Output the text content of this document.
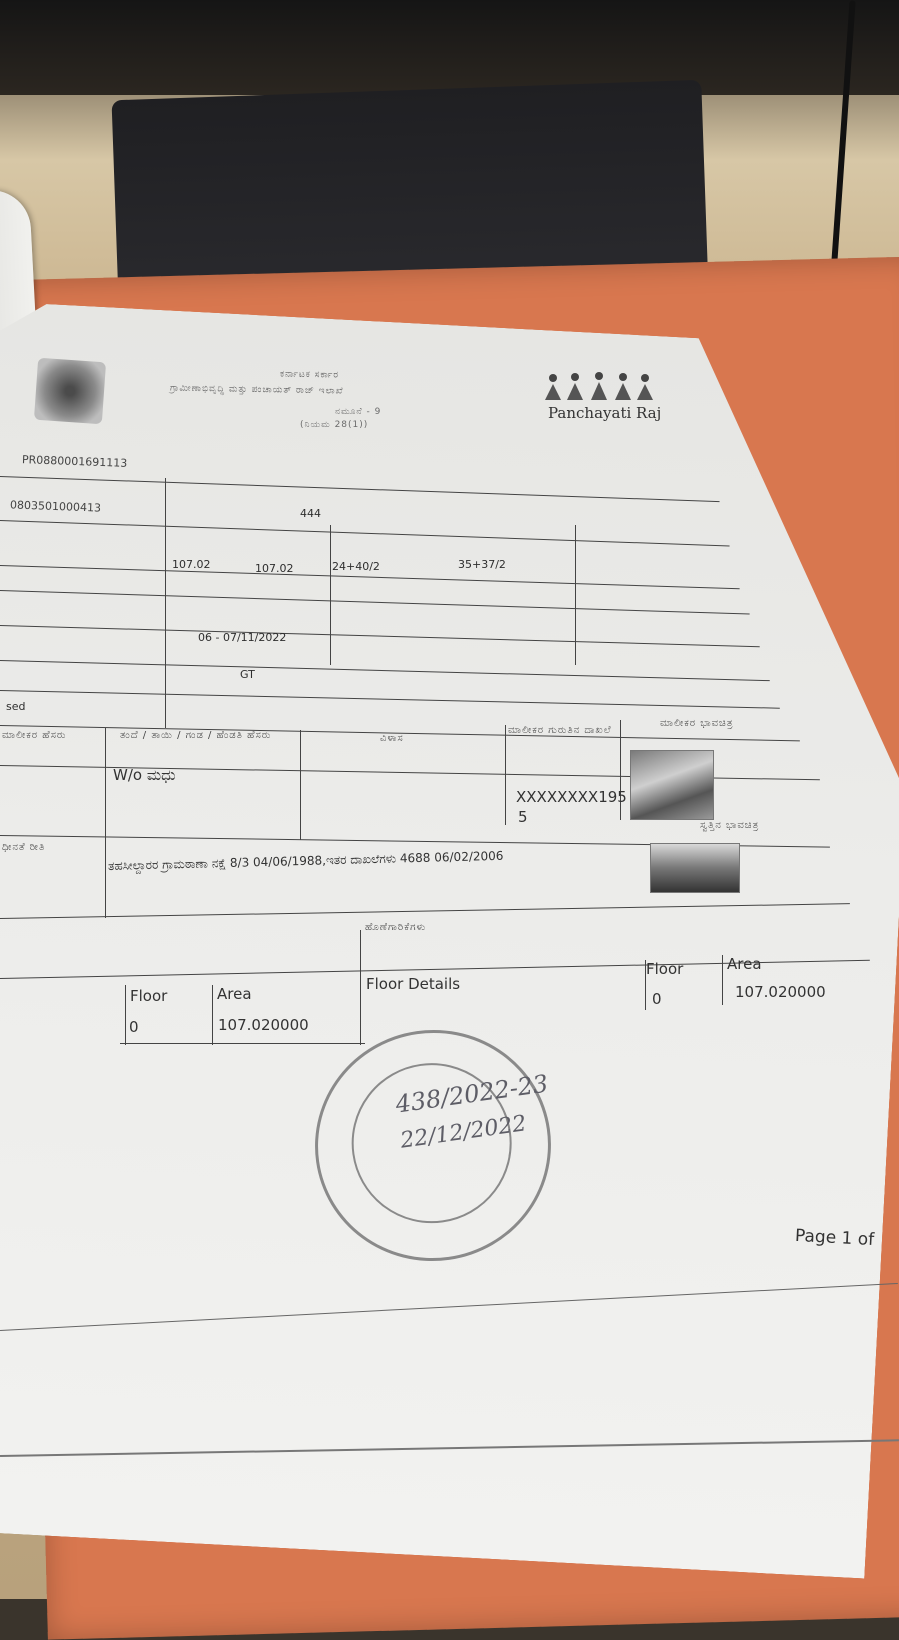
Panchayati Raj
ಕರ್ನಾಟಕ ಸರ್ಕಾರ
ಗ್ರಾಮೀಣಾಭಿವೃದ್ಧಿ ಮತ್ತು ಪಂಚಾಯತ್ ರಾಜ್ ಇಲಾಖೆ
ನಮೂನೆ - 9
(ನಿಯಮ 28(1))
PR0880001691113
0803501000413	444
107.02	107.02	24+40/2	35+37/2
06 - 07/11/2022
GT
sed
ಮಾಲೀಕರ ಹೆಸರು	ತಂದೆ / ತಾಯಿ / ಗಂಡ / ಹೆಂಡತಿ ಹೆಸರು	ವಿಳಾಸ
ಮಾಲೀಕರ ಗುರುತಿನ ದಾಖಲೆ
ಮಾಲೀಕರ ಭಾವಚಿತ್ರ
W/o ಮಧು
XXXXXXXX195
5	ಸ್ವತ್ತಿನ ಭಾವಚಿತ್ರ
ಧೀನತೆ ರೀತಿ
ತಹಸೀಲ್ದಾರರ ಗ್ರಾಮಠಾಣಾ ನಕ್ಷೆ 8/3 04/06/1988,ಇತರ ದಾಖಲೆಗಳು 4688 06/02/2006
ಹೊಣೆಗಾರಿಕೆಗಳು
Floor	Area
Floor Details
Floor	Area
0	107.020000
0	107.020000
438/2022-23
22/12/2022
Page 1 of
